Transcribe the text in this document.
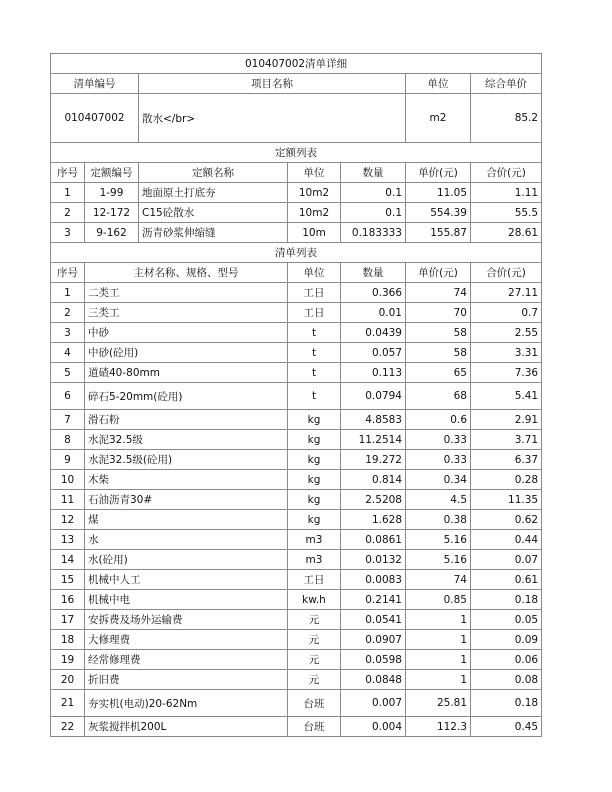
010407002清单详细						
清单编号		项目名称			单位	综合单价
010407002		散水</br>			m2	85.2
定额列表						
序号	定额编号	定额名称	单位	数量	单价(元)	合价(元)
1	1-99	地面原土打底夯	10m2	0.1	11.05	1.11
2	12-172	C15砼散水	10m2	0.1	554.39	55.5
3	9-162	沥青砂浆伸缩缝	10m	0.183333	155.87	28.61
清单列表						
序号	主材名称、规格、型号		单位	数量	单价(元)	合价(元)
1	二类工		工日	0.366	74	27.11
2	三类工		工日	0.01	70	0.7
3	中砂		t	0.0439	58	2.55
4	中砂(砼用)		t	0.057	58	3.31
5	道碴40-80mm		t	0.113	65	7.36
6	碎石5-20mm(砼用)		t	0.0794	68	5.41
7	滑石粉		kg	4.8583	0.6	2.91
8	水泥32.5级		kg	11.2514	0.33	3.71
9	水泥32.5级(砼用)		kg	19.272	0.33	6.37
10	木柴		kg	0.814	0.34	0.28
11	石油沥青30#		kg	2.5208	4.5	11.35
12	煤		kg	1.628	0.38	0.62
13	水		m3	0.0861	5.16	0.44
14	水(砼用)		m3	0.0132	5.16	0.07
15	机械中人工		工日	0.0083	74	0.61
16	机械中电		kw.h	0.2141	0.85	0.18
17	安拆费及场外运输费		元	0.0541	1	0.05
18	大修理费		元	0.0907	1	0.09
19	经常修理费		元	0.0598	1	0.06
20	折旧费		元	0.0848	1	0.08
21	夯实机(电动)20-62Nm		台班	0.007	25.81	0.18
22	灰浆搅拌机200L		台班	0.004	112.3	0.45
